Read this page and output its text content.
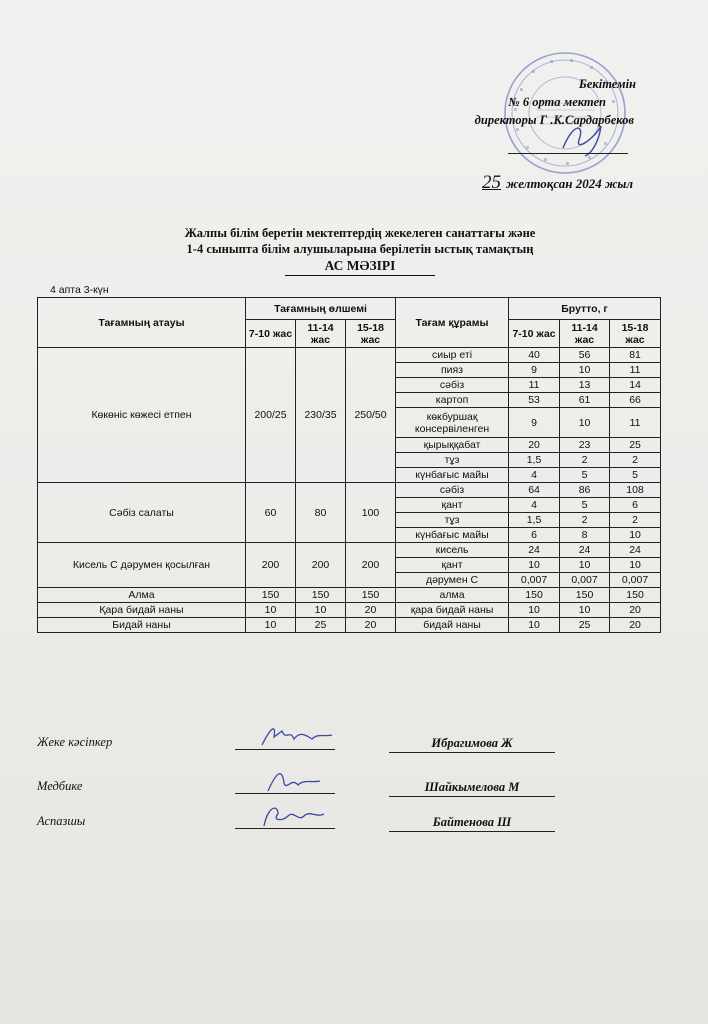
Бекітемін
№ 6 орта мектеп
директоры Г .К.Сардарбеков
25 желтоқсан 2024 жыл
Жалпы білім беретін мектептердің жекелеген санаттағы және
1-4 сыныпта білім алушыларына берілетін ыстық тамақтың
АС МӘЗІРІ
4 апта 3-күн
Тағамның атауы	Тағамның өлшемі			Тағам құрамы	Брутто, г		
	7-10 жас	11-14 жас	15-18 жас		7-10 жас	11-14 жас	15-18 жас
Көкөніс көжесі етпен	200/25	230/35	250/50	сиыр еті	40	56	81
				пияз	9	10	11
				сәбіз	11	13	14
				картоп	53	61	66
				көкбуршақ консервіленген	9	10	11
				қырыққабат	20	23	25
				тұз	1,5	2	2
				күнбағыс майы	4	5	5
Сәбіз салаты	60	80	100	сәбіз	64	86	108
				қант	4	5	6
				тұз	1,5	2	2
				күнбағыс майы	6	8	10
Кисель С дәрумен қосылған	200	200	200	кисель	24	24	24
				қант	10	10	10
				дәрумен С	0,007	0,007	0,007
Алма	150	150	150	алма	150	150	150
Қара бидай наны	10	10	20	қара бидай наны	10	10	20
Бидай наны	10	25	20	бидай наны	10	25	20
Жеке кәсіпкер	Ибрагимова Ж
Медбике	Шайкымелова М
Аспазшы	Байтенова Ш
